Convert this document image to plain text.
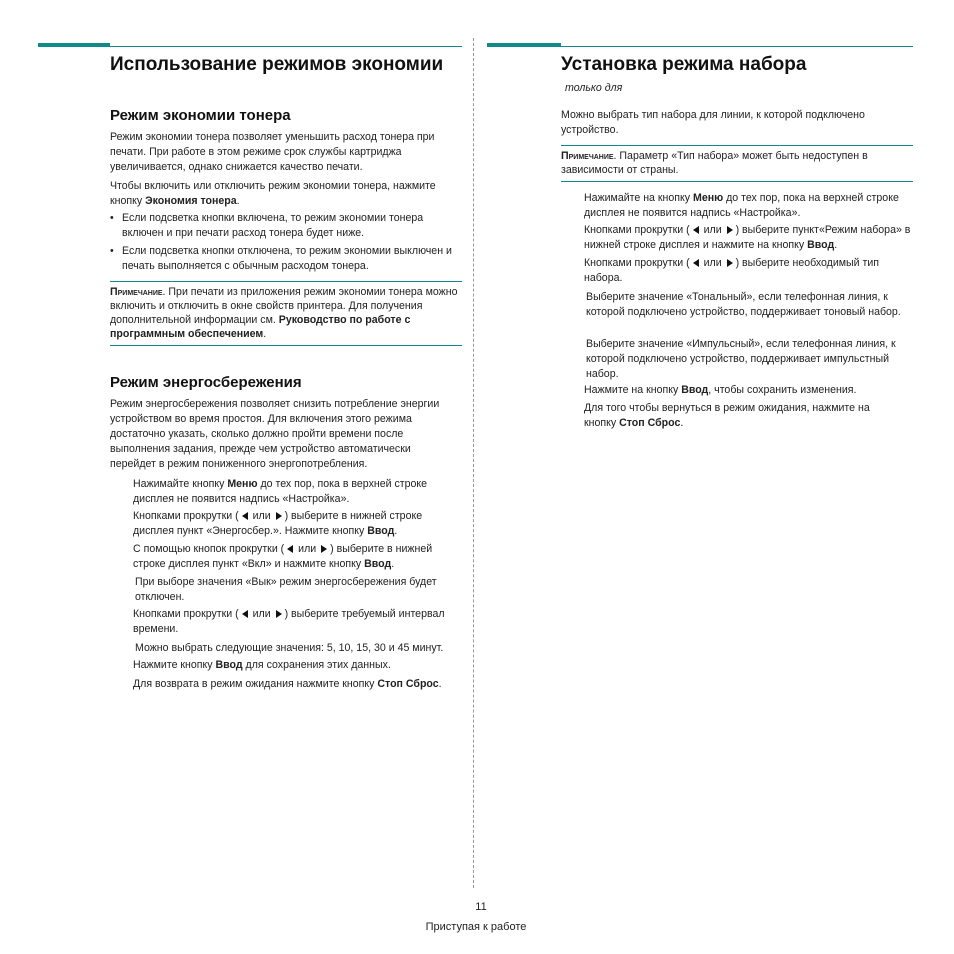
Использование режимов экономии
Режим экономии тонера

Режим экономии тонера позволяет уменьшить расход тонера при печати. При работе в этом режиме срок службы картриджа увеличивается, однако снижается качество печати.

Чтобы включить или отключить режим экономии тонера, нажмите кнопку Экономия тонера.

• Если подсветка кнопки включена, то режим экономии тонера включен и при печати расход тонера будет ниже.
• Если подсветка кнопки отключена, то режим экономии выключен и печать выполняется с обычным расходом тонера.
Примечание. При печати из приложения режим экономии тонера можно включить и отключить в окне свойств принтера. Для получения дополнительной информации см. Руководство по работе с программным обеспечением.
Режим энергосбережения

Режим энергосбережения позволяет снизить потребление энергии устройством во время простоя. Для включения этого режима достаточно указать, сколько должно пройти времени после выполнения задания, прежде чем устройство автоматически перейдет в режим пониженного энергопотребления.

Нажимайте кнопку Меню до тех пор, пока в верхней строке дисплея не появится надпись «Настройка».

Кнопками прокрутки ( или ) выберите в нижней строке дисплея пункт «Энергосбер.». Нажмите кнопку Ввод.

С помощью кнопок прокрутки ( или ) выберите в нижней строке дисплея пункт «Вкл» и нажмите кнопку Ввод.

При выборе значения «Вык» режим энергосбережения будет отключен.

Кнопками прокрутки ( или ) выберите требуемый интервал времени.

Можно выбрать следующие значения: 5, 10, 15, 30 и 45 минут.

Нажмите кнопку Ввод для сохранения этих данных.

Для возврата в режим ожидания нажмите кнопку Стоп Сброс.

Установка режима набора

только для

Можно выбрать тип набора для линии, к которой подключено устройство.

Примечание. Параметр «Тип набора» может быть недоступен в зависимости от страны.

Нажимайте на кнопку Меню до тех пор, пока на верхней строке дисплея не появится надпись «Настройка».

Кнопками прокрутки ( или ) выберите пункт«Режим набора» в нижней строке дисплея и нажмите на кнопку Ввод.

Кнопками прокрутки ( или ) выберите необходимый тип набора.

Выберите значение «Тональный», если телефонная линия, к которой подключено устройство, поддерживает тоновый набор.

Выберите значение «Импульсный», если телефонная линия, к которой подключено устройство, поддерживает импульстный набор.

Нажмите на кнопку Ввод, чтобы сохранить изменения.

Для того чтобы вернуться в режим ожидания, нажмите на кнопку Стоп Сброс.

11
Приступая к работе
